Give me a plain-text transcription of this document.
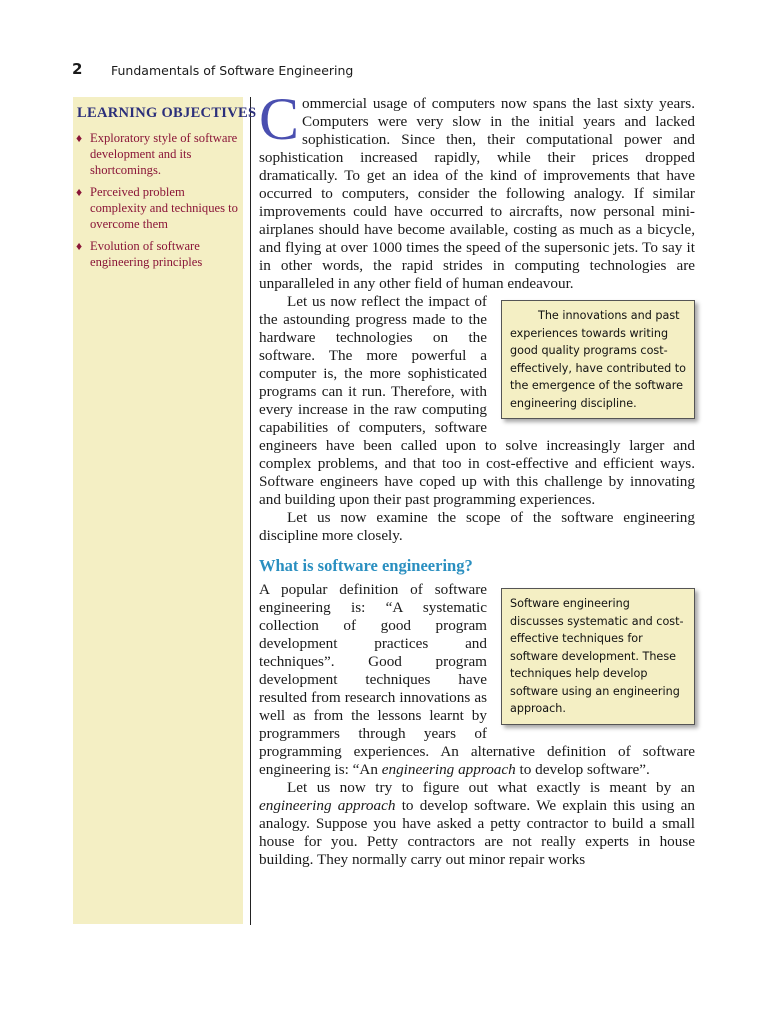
2 Fundamentals of Software Engineering
LEARNING OBJECTIVES
♦ Exploratory style of software development and its shortcomings.
♦ Perceived problem complexity and techniques to overcome them
♦ Evolution of software engineering principles

Commercial usage of computers now spans the last sixty years. Computers were very slow in the initial years and lacked sophistication. Since then, their computational power and sophistication increased rapidly, while their prices dropped dramatically. To get an idea of the kind of improvements that have occurred to computers, consider the following analogy. If similar improvements could have occurred to aircrafts, now personal mini-airplanes should have become available, costing as much as a bicycle, and flying at over 1000 times the speed of the supersonic jets. To say it in other words, the rapid strides in computing technologies are unparalleled in any other field of human endeavour.

The innovations and past experiences towards writing good quality programs cost-effectively, have contributed to the emergence of the software engineering discipline.
Let us now reflect the impact of the astounding progress made to the hardware technologies on the software. The more powerful a computer is, the more sophisticated programs can it run. Therefore, with every increase in the raw computing capabilities of computers, software engineers have been called upon to solve increasingly larger and complex problems, and that too in cost-effective and efficient ways. Software engineers have coped up with this challenge by innovating and building upon their past programming experiences.

Let us now examine the scope of the software engineering discipline more closely.

What is software engineering?

Software engineering discusses systematic and cost-effective techniques for software development. These techniques help develop software using an engineering approach.
A popular definition of software engineering is: “A systematic collection of good program development practices and techniques”. Good program development techniques have resulted from research innovations as well as from the lessons learnt by programmers through years of programming experiences. An alternative definition of software engineering is: “An engineering approach to develop software”.

Let us now try to figure out what exactly is meant by an engineering approach to develop software. We explain this using an analogy. Suppose you have asked a petty contractor to build a small house for you. Petty contractors are not really experts in house building. They normally carry out minor repair works
